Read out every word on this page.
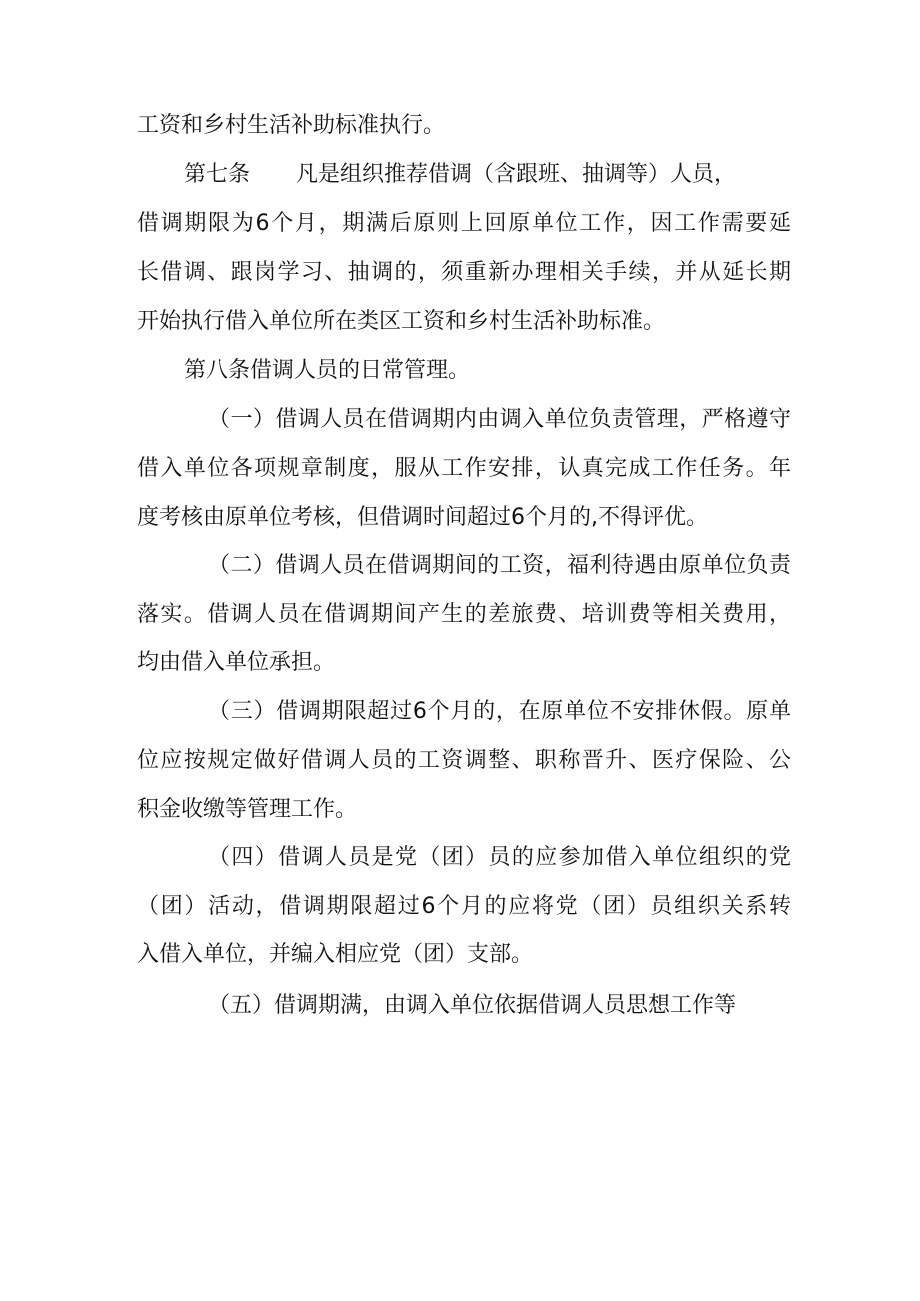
工资和乡村生活补助标准执行。
第七条 凡是组织推荐借调（含跟班、抽调等）人员，
借调期限为6个月，期满后原则上回原单位工作，因工作需要延
长借调、跟岗学习、抽调的，须重新办理相关手续，并从延长期
开始执行借入单位所在类区工资和乡村生活补助标准。
第八条借调人员的日常管理。
（一）借调人员在借调期内由调入单位负责管理，严格遵守
借入单位各项规章制度，服从工作安排，认真完成工作任务。年
度考核由原单位考核，但借调时间超过6个月的,不得评优。
（二）借调人员在借调期间的工资，福利待遇由原单位负责
落实。借调人员在借调期间产生的差旅费、培训费等相关费用，
均由借入单位承担。
（三）借调期限超过6个月的，在原单位不安排休假。原单
位应按规定做好借调人员的工资调整、职称晋升、医疗保险、公
积金收缴等管理工作。
（四）借调人员是党（团）员的应参加借入单位组织的党
（团）活动，借调期限超过6个月的应将党（团）员组织关系转
入借入单位，并编入相应党（团）支部。
（五）借调期满，由调入单位依据借调人员思想工作等
